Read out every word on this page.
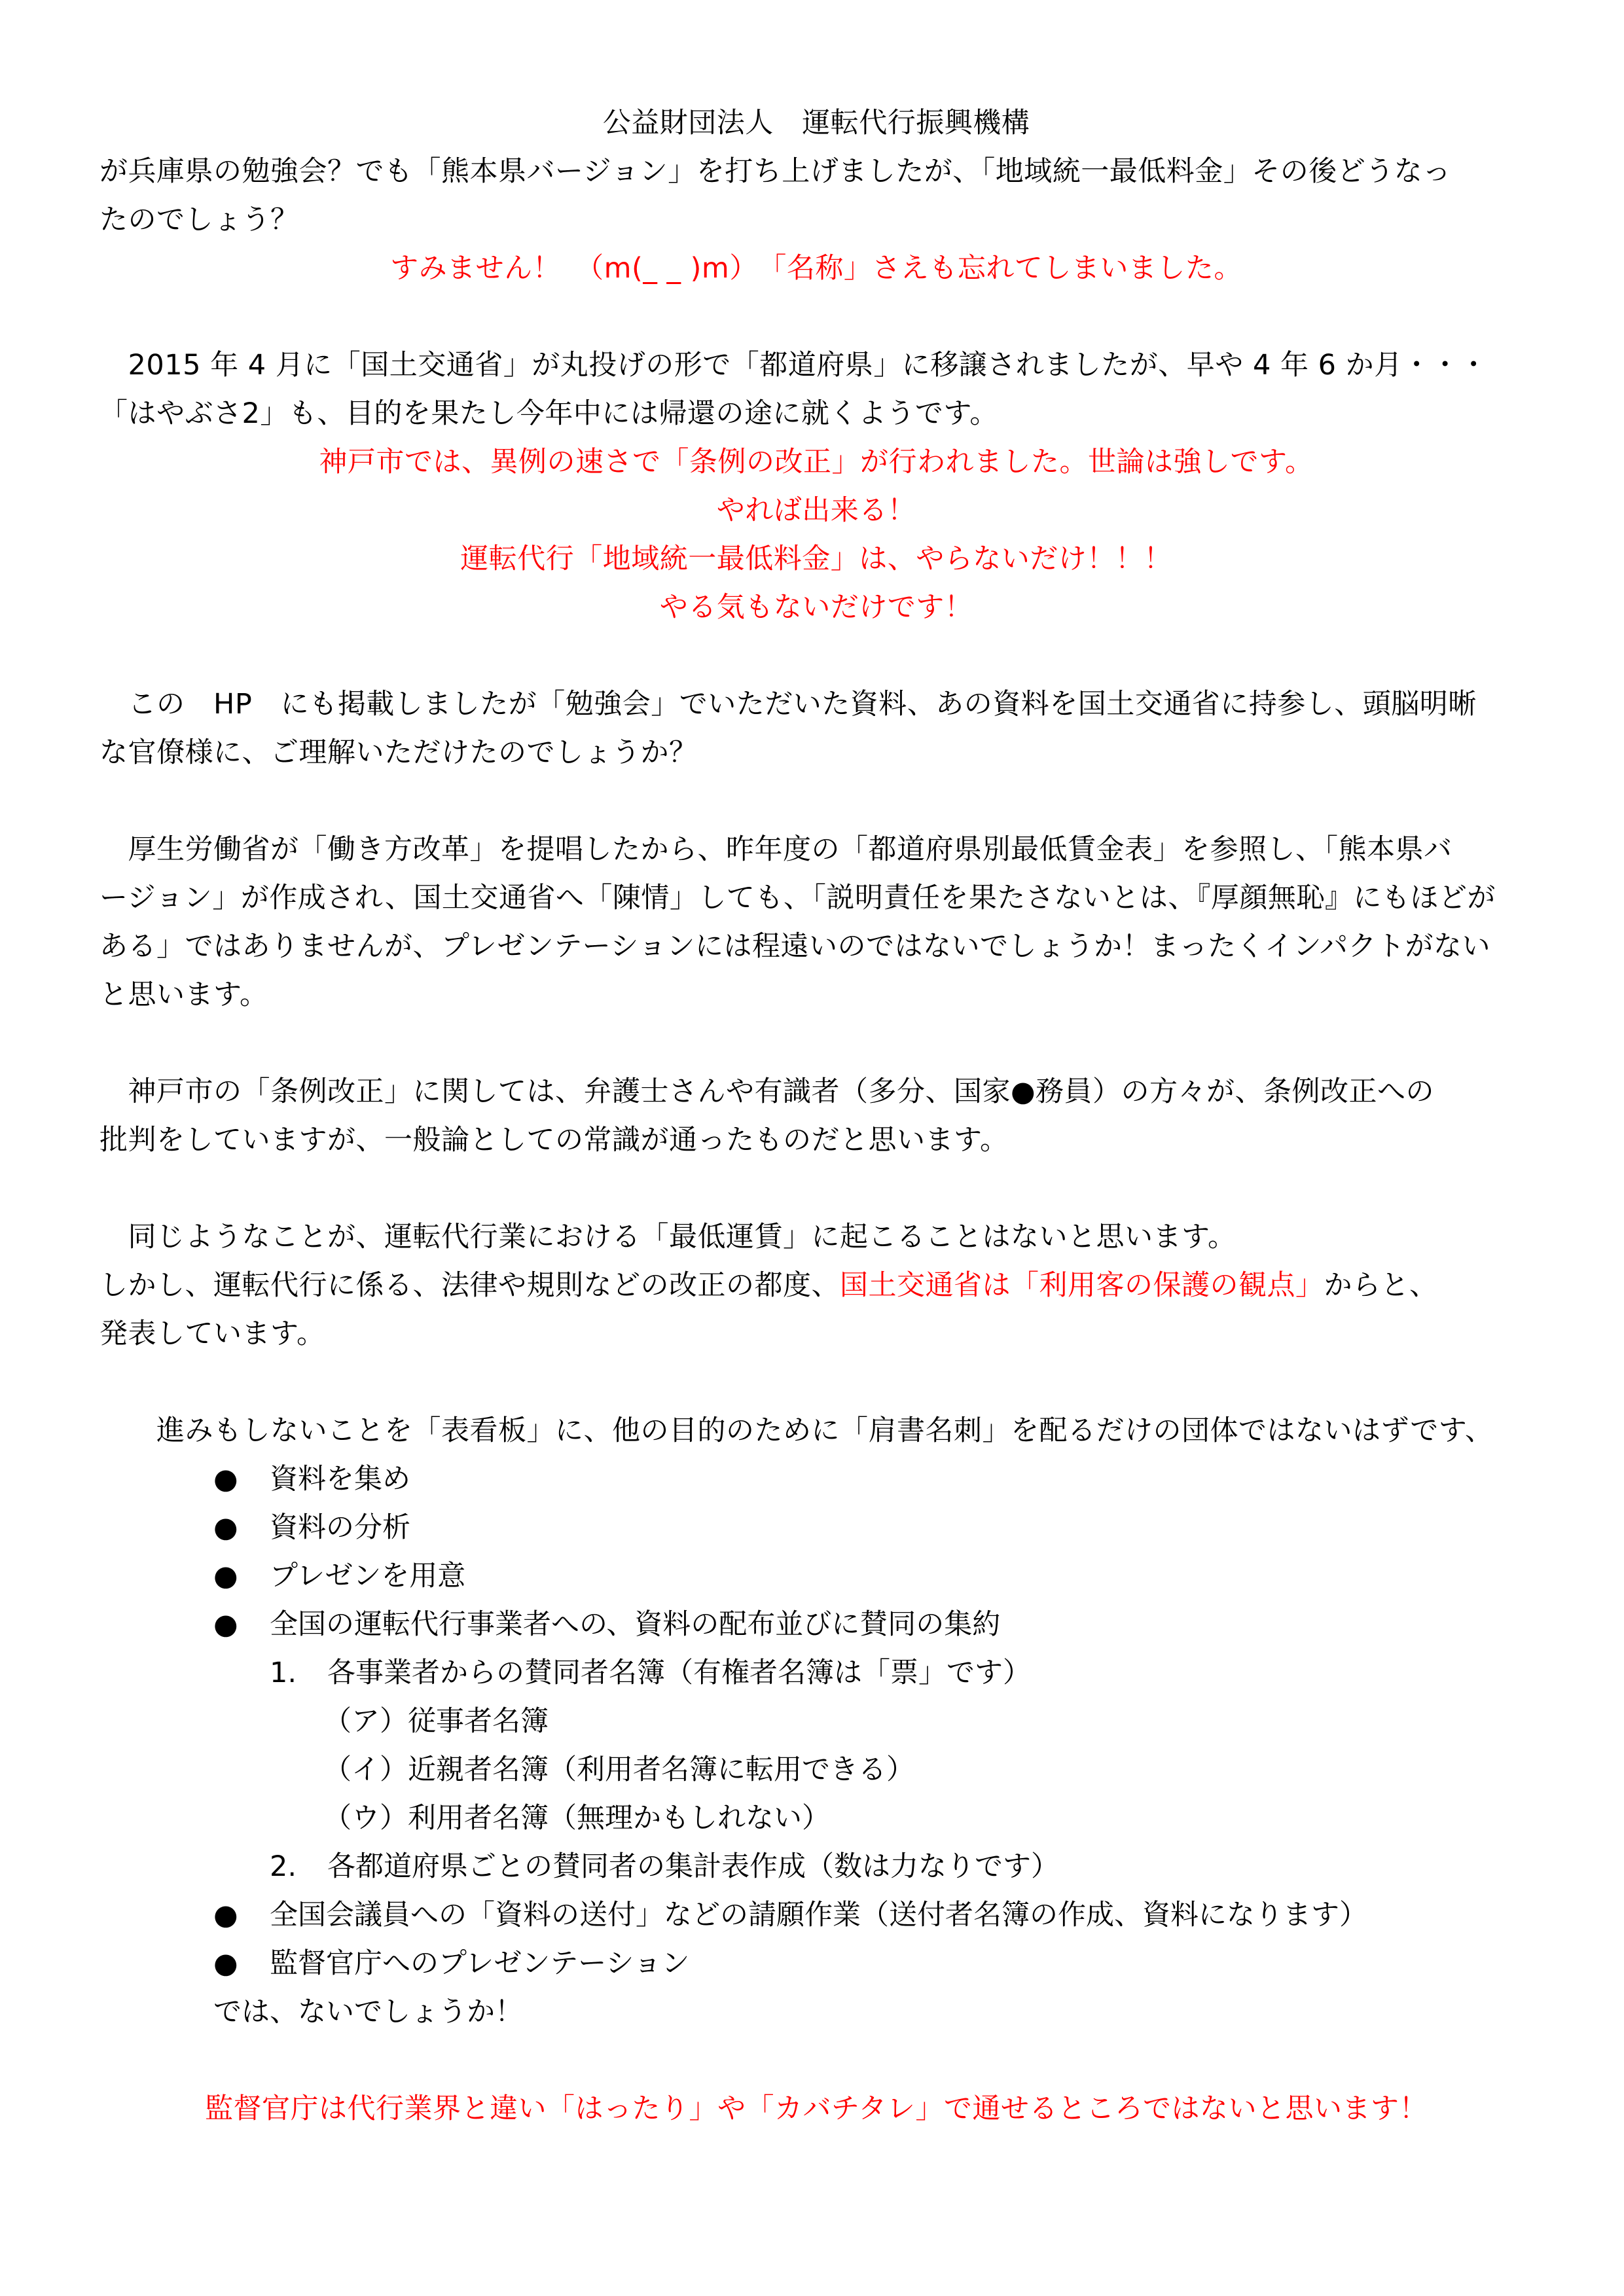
公益財団法人　運転代行振興機構
が兵庫県の勉強会？でも「熊本県バージョン」を打ち上げましたが、「地域統一最低料金」その後どうなっ
たのでしょう？
すみません！　（m(_ _ )m）　「名称」さえも忘れてしまいました。
　2015 年 4 月に「国土交通省」が丸投げの形で「都道府県」に移譲されましたが、早や 4 年 6 か月・・・
「はやぶさ2」も、目的を果たし今年中には帰還の途に就くようです。
神戸市では、異例の速さで「条例の改正」が行われました。世論は強しです。
やれば出来る！
運転代行「地域統一最低料金」は、やらないだけ！！！
やる気もないだけです！
　この　HP　にも掲載しましたが「勉強会」でいただいた資料、あの資料を国土交通省に持参し、頭脳明晰
な官僚様に、ご理解いただけたのでしょうか？
　厚生労働省が「働き方改革」を提唱したから、昨年度の「都道府県別最低賃金表」を参照し、「熊本県バ
ージョン」が作成され、国土交通省へ「陳情」しても、「説明責任を果たさないとは、『厚顔無恥』にもほどが
ある」ではありませんが、プレゼンテーションには程遠いのではないでしょうか！まったくインパクトがない
と思います。
　神戸市の「条例改正」に関しては、弁護士さんや有識者（多分、国家●務員）の方々が、条例改正への
批判をしていますが、一般論としての常識が通ったものだと思います。
　同じようなことが、運転代行業における「最低運賃」に起こることはないと思います。
しかし、運転代行に係る、法律や規則などの改正の都度、国土交通省は「利用客の保護の観点」からと、
発表しています。
　　進みもしないことを「表看板」に、他の目的のために「肩書名刺」を配るだけの団体ではないはずです、
● 資料を集め
● 資料の分析
● プレゼンを用意
● 全国の運転代行事業者への、資料の配布並びに賛同の集約
1. 各事業者からの賛同者名簿（有権者名簿は「票」です）
（ア）従事者名簿
（イ）近親者名簿（利用者名簿に転用できる）
（ウ）利用者名簿（無理かもしれない）
2. 各都道府県ごとの賛同者の集計表作成（数は力なりです）
● 全国会議員への「資料の送付」などの請願作業（送付者名簿の作成、資料になります）
● 監督官庁へのプレゼンテーション
では、ないでしょうか！
監督官庁は代行業界と違い「はったり」や「カバチタレ」で通せるところではないと思います！
